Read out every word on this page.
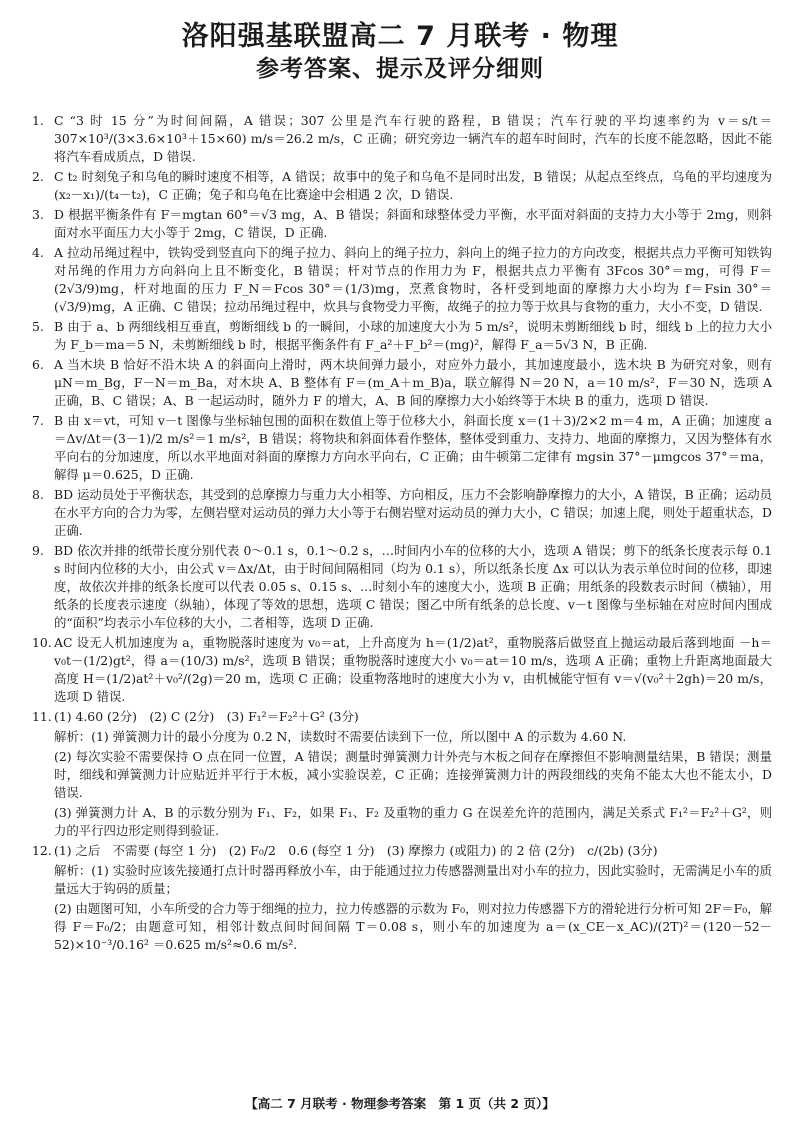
洛阳强基联盟高二 7 月联考 · 物理
参考答案、提示及评分细则
1. C “3 时 15 分”为时间间隔，A 错误；307 公里是汽车行驶的路程，B 错误；汽车行驶的平均速率约为 v＝s/t＝307×10³/(3×3.6×10³＋15×60) m/s＝26.2 m/s，C 正确；研究旁边一辆汽车的超车时间时，汽车的长度不能忽略，因此不能将汽车看成质点，D 错误.
2. C t₂ 时刻兔子和乌龟的瞬时速度不相等，A 错误；故事中的兔子和乌龟不是同时出发，B 错误；从起点至终点，乌龟的平均速度为 (x₂－x₁)/(t₄－t₂)，C 正确；兔子和乌龟在比赛途中会相遇 2 次，D 错误.
3. D 根据平衡条件有 F＝mgtan 60°＝√3 mg，A、B 错误；斜面和球整体受力平衡，水平面对斜面的支持力大小等于 2mg，则斜面对水平面压力大小等于 2mg，C 错误，D 正确.
4. A 拉动吊绳过程中，铁钩受到竖直向下的绳子拉力、斜向上的绳子拉力，斜向上的绳子拉力的方向改变，根据共点力平衡可知铁钩对吊绳的作用力方向斜向上且不断变化，B 错误；杆对节点的作用力为 F，根据共点力平衡有 3Fcos 30°＝mg，可得 F＝(2√3/9)mg，杆对地面的压力 F_N＝Fcos 30°＝(1/3)mg，烹煮食物时，各杆受到地面的摩擦力大小均为 f＝Fsin 30°＝(√3/9)mg，A 正确、C 错误；拉动吊绳过程中，炊具与食物受力平衡，故绳子的拉力等于炊具与食物的重力，大小不变，D 错误.
5. B 由于 a、b 两细线相互垂直，剪断细线 b 的一瞬间，小球的加速度大小为 5 m/s²，说明未剪断细线 b 时，细线 b 上的拉力大小为 F_b＝ma＝5 N，未剪断细线 b 时，根据平衡条件有 F_a²＋F_b²＝(mg)²，解得 F_a＝5√3 N，B 正确.
6. A 当木块 B 恰好不沿木块 A 的斜面向上滑时，两木块间弹力最小，对应外力最小，其加速度最小，选木块 B 为研究对象，则有 μN＝m_Bg，F－N＝m_Ba，对木块 A、B 整体有 F＝(m_A＋m_B)a，联立解得 N＝20 N，a＝10 m/s²，F＝30 N，选项 A 正确，B、C 错误；A、B 一起运动时，随外力 F 的增大，A、B 间的摩擦力大小始终等于木块 B 的重力，选项 D 错误.
7. B 由 x＝vt，可知 v－t 图像与坐标轴包围的面积在数值上等于位移大小，斜面长度 x＝(1＋3)/2×2 m＝4 m，A 正确；加速度 a＝Δv/Δt＝(3－1)/2 m/s²＝1 m/s²，B 错误；将物块和斜面体看作整体，整体受到重力、支持力、地面的摩擦力，又因为整体有水平向右的分加速度，所以水平地面对斜面的摩擦力方向水平向右，C 正确；由牛顿第二定律有 mgsin 37°－μmgcos 37°＝ma，解得 μ＝0.625，D 正确.
8. BD 运动员处于平衡状态，其受到的总摩擦力与重力大小相等、方向相反，压力不会影响静摩擦力的大小，A 错误，B 正确；运动员在水平方向的合力为零，左侧岩壁对运动员的弹力大小等于右侧岩壁对运动员的弹力大小，C 错误；加速上爬，则处于超重状态，D 正确.
9. BD 依次并排的纸带长度分别代表 0～0.1 s，0.1～0.2 s，…时间内小车的位移的大小，选项 A 错误；剪下的纸条长度表示每 0.1 s 时间内位移的大小，由公式 v＝Δx/Δt，由于时间间隔相同（均为 0.1 s），所以纸条长度 Δx 可以认为表示单位时间的位移，即速度，故依次并排的纸条长度可以代表 0.05 s、0.15 s、…时刻小车的速度大小，选项 B 正确；用纸条的段数表示时间（横轴），用纸条的长度表示速度（纵轴），体现了等效的思想，选项 C 错误；图乙中所有纸条的总长度、v－t 图像与坐标轴在对应时间内围成的“面积”均表示小车位移的大小，二者相等，选项 D 正确.
10. AC 设无人机加速度为 a，重物脱落时速度为 v₀＝at，上升高度为 h＝(1/2)at²，重物脱落后做竖直上抛运动最后落到地面 －h＝v₀t－(1/2)gt²，得 a＝(10/3) m/s²，选项 B 错误；重物脱落时速度大小 v₀＝at＝10 m/s，选项 A 正确；重物上升距离地面最大高度 H＝(1/2)at²＋v₀²/(2g)＝20 m，选项 C 正确；设重物落地时的速度大小为 v，由机械能守恒有 v＝√(v₀²＋2gh)＝20 m/s，选项 D 错误.
11. (1) 4.60 (2分)　(2) C (2分)　(3) F₁²＝F₂²＋G² (3分)
解析：(1) 弹簧测力计的最小分度为 0.2 N，读数时不需要估读到下一位，所以图中 A 的示数为 4.60 N.
(2) 每次实验不需要保持 O 点在同一位置，A 错误；测量时弹簧测力计外壳与木板之间存在摩擦但不影响测量结果，B 错误；测量时，细线和弹簧测力计应贴近并平行于木板，减小实验误差，C 正确；连接弹簧测力计的两段细线的夹角不能太大也不能太小，D 错误.
(3) 弹簧测力计 A、B 的示数分别为 F₁、F₂，如果 F₁、F₂ 及重物的重力 G 在误差允许的范围内，满足关系式 F₁²＝F₂²＋G²，则力的平行四边形定则得到验证.
12. (1) 之后　不需要 (每空 1 分)　(2) F₀/2　0.6 (每空 1 分)　(3) 摩擦力 (或阻力) 的 2 倍 (2分)　c/(2b) (3分)
解析：(1) 实验时应该先接通打点计时器再释放小车，由于能通过拉力传感器测量出对小车的拉力，因此实验时，无需满足小车的质量远大于钩码的质量；
(2) 由题图可知，小车所受的合力等于细绳的拉力，拉力传感器的示数为 F₀，则对拉力传感器下方的滑轮进行分析可知 2F＝F₀，解得 F＝F₀/2；由题意可知，相邻计数点间时间间隔 T＝0.08 s，则小车的加速度为 a＝(x_CE－x_AC)/(2T)²＝(120－52－52)×10⁻³/0.16² ＝0.625 m/s²≈0.6 m/s².
【高二 7 月联考 · 物理参考答案　第 1 页（共 2 页）】
